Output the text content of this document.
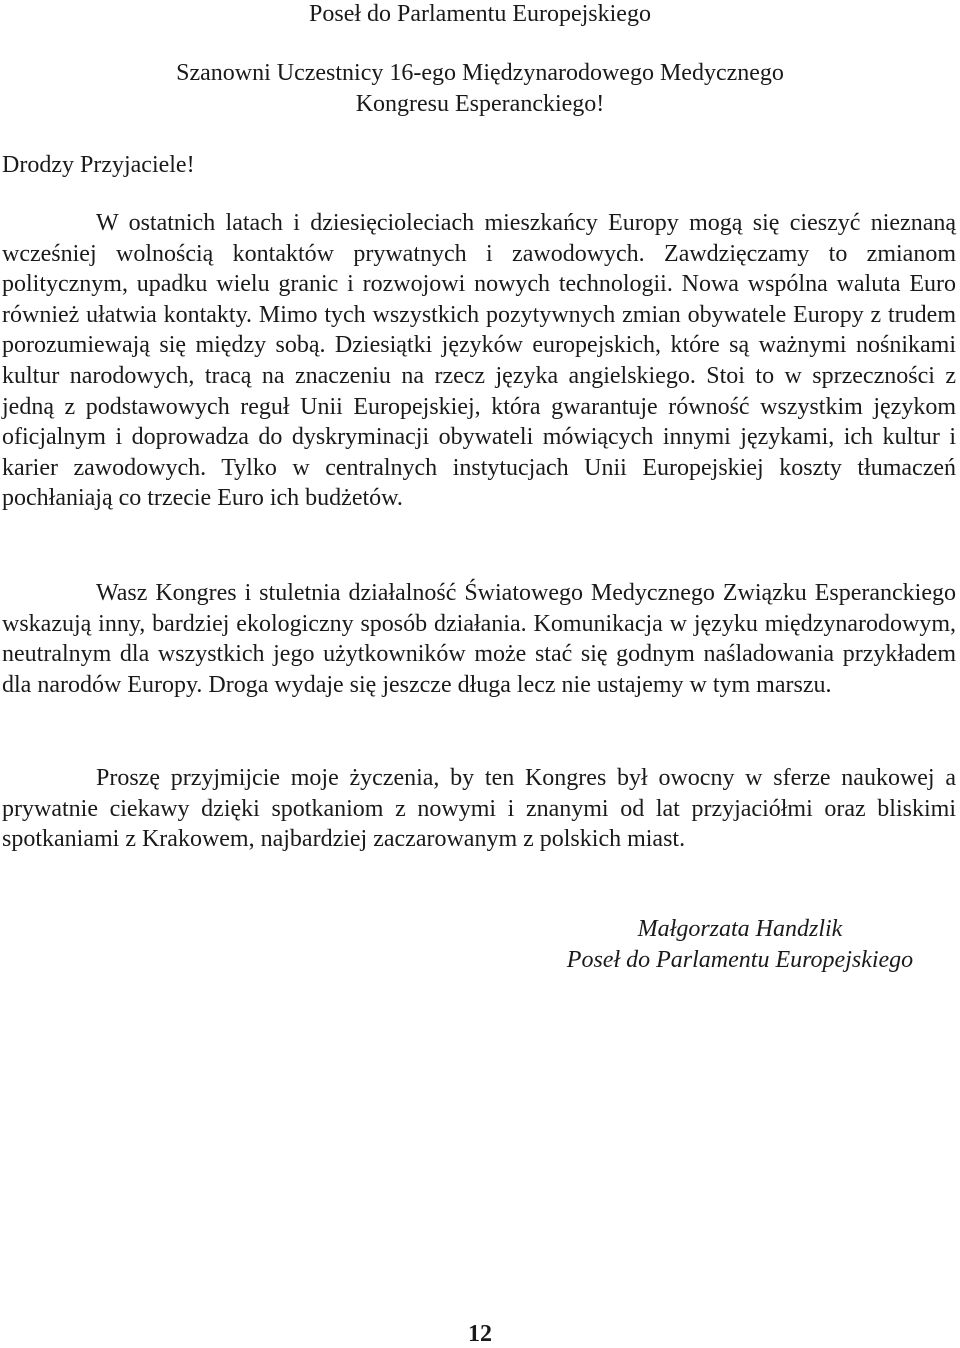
Poseł do Parlamentu Europejskiego
Szanowni Uczestnicy 16-ego Międzynarodowego Medycznego
Kongresu Esperanckiego!
Drodzy Przyjaciele!

W ostatnich latach i dziesięcioleciach mieszkańcy Europy mogą się cieszyć nieznaną wcześniej wolnością kontaktów prywatnych i zawodowych. Zawdzięczamy to zmianom politycznym, upadku wielu granic i rozwojowi nowych technologii. Nowa wspólna waluta Euro również ułatwia kontakty. Mimo tych wszystkich pozytywnych zmian obywatele Europy z trudem porozumiewają się między sobą. Dziesiątki języków europejskich, które są ważnymi nośnikami kultur narodowych, tracą na znaczeniu na rzecz języka angielskiego. Stoi to w sprzeczności z jedną z podstawowych reguł Unii Europejskiej, która gwarantuje równość wszystkim językom oficjalnym i doprowadza do dyskryminacji obywateli mówiących innymi językami, ich kultur i karier zawodowych. Tylko w centralnych instytucjach Unii Europejskiej koszty tłumaczeń pochłaniają co trzecie Euro ich budżetów.

Wasz Kongres i stuletnia działalność Światowego Medycznego Związku Esperanckiego wskazują inny, bardziej ekologiczny sposób działania. Komunikacja w języku międzynarodowym, neutralnym dla wszystkich jego użytkowników może stać się godnym naśladowania przykładem dla narodów Europy. Droga wydaje się jeszcze długa lecz nie ustajemy w tym marszu.

Proszę przyjmijcie moje życzenia, by ten Kongres był owocny w sferze naukowej a prywatnie ciekawy dzięki spotkaniom z nowymi i znanymi od lat przyjaciółmi oraz bliskimi spotkaniami z Krakowem, najbardziej zaczarowanym z polskich miast.

Małgorzata Handzlik
Poseł do Parlamentu Europejskiego
12
